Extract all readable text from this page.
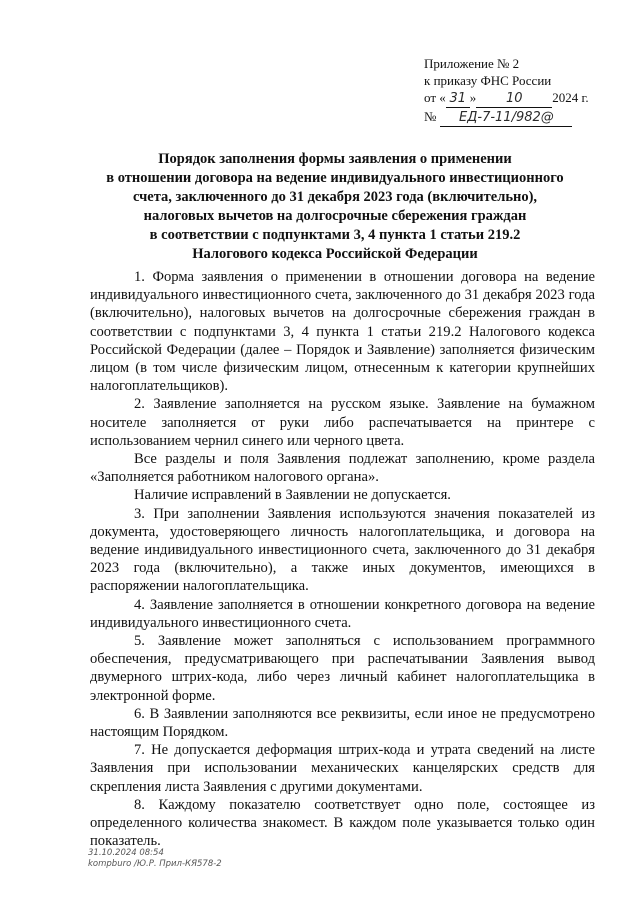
Приложение № 2
к приказу ФНС России
от « 31 » 10 2024 г.
№ ЕД-7-11/982@
Порядок заполнения формы заявления о применении
в отношении договора на ведение индивидуального инвестиционного
счета, заключенного до 31 декабря 2023 года (включительно),
налоговых вычетов на долгосрочные сбережения граждан
в соответствии с подпунктами 3, 4 пункта 1 статьи 219.2
Налогового кодекса Российской Федерации

1. Форма заявления о применении в отношении договора на ведение индивидуального инвестиционного счета, заключенного до 31 декабря 2023 года (включительно), налоговых вычетов на долгосрочные сбережения граждан в соответствии с подпунктами 3, 4 пункта 1 статьи 219.2 Налогового кодекса Российской Федерации (далее – Порядок и Заявление) заполняется физическим лицом (в том числе физическим лицом, отнесенным к категории крупнейших налогоплательщиков).

2. Заявление заполняется на русском языке. Заявление на бумажном носителе заполняется от руки либо распечатывается на принтере с использованием чернил синего или черного цвета.

Все разделы и поля Заявления подлежат заполнению, кроме раздела «Заполняется работником налогового органа».

Наличие исправлений в Заявлении не допускается.

3. При заполнении Заявления используются значения показателей из документа, удостоверяющего личность налогоплательщика, и договора на ведение индивидуального инвестиционного счета, заключенного до 31 декабря 2023 года (включительно), а также иных документов, имеющихся в распоряжении налогоплательщика.

4. Заявление заполняется в отношении конкретного договора на ведение индивидуального инвестиционного счета.

5. Заявление может заполняться с использованием программного обеспечения, предусматривающего при распечатывании Заявления вывод двумерного штрих-кода, либо через личный кабинет налогоплательщика в электронной форме.

6. В Заявлении заполняются все реквизиты, если иное не предусмотрено настоящим Порядком.

7. Не допускается деформация штрих-кода и утрата сведений на листе Заявления при использовании механических канцелярских средств для скрепления листа Заявления с другими документами.

8. Каждому показателю соответствует одно поле, состоящее из определенного количества знакомест. В каждом поле указывается только один показатель.

31.10.2024 08:54
kompburo /Ю.Р. Прил-КЯ578-2
